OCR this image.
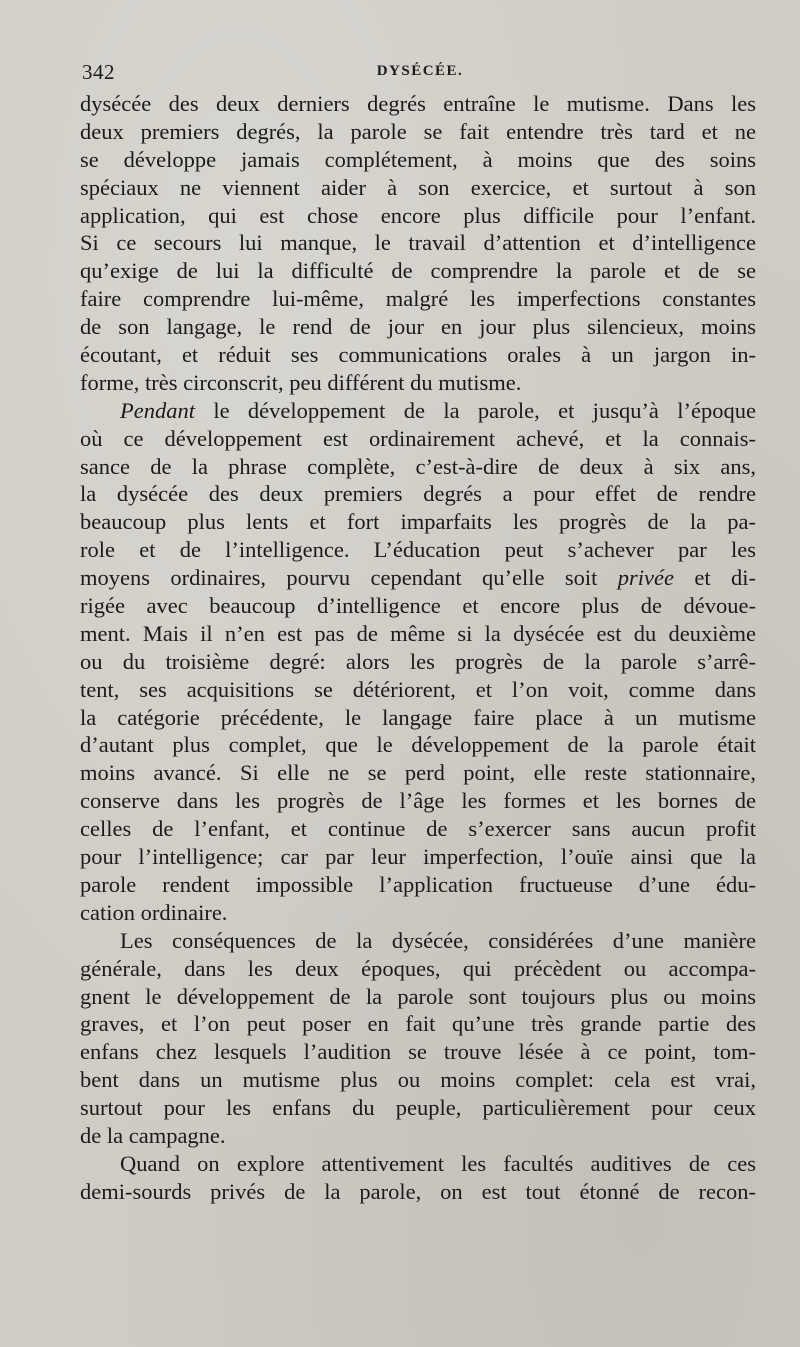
342	DYSÉCÉE.
dysécée des deux derniers degrés entraîne le mutisme. Dans les
deux premiers degrés, la parole se fait entendre très tard et ne
se développe jamais complétement, à moins que des soins
spéciaux ne viennent aider à son exercice, et surtout à son
application, qui est chose encore plus difficile pour l’enfant.
Si ce secours lui manque, le travail d’attention et d’intelligence
qu’exige de lui la difficulté de comprendre la parole et de se
faire comprendre lui-même, malgré les imperfections constantes
de son langage, le rend de jour en jour plus silencieux, moins
écoutant, et réduit ses communications orales à un jargon in-
forme, très circonscrit, peu différent du mutisme.
Pendant le développement de la parole, et jusqu’à l’époque
où ce développement est ordinairement achevé, et la connais-
sance de la phrase complète, c’est-à-dire de deux à six ans,
la dysécée des deux premiers degrés a pour effet de rendre
beaucoup plus lents et fort imparfaits les progrès de la pa-
role et de l’intelligence. L’éducation peut s’achever par les
moyens ordinaires, pourvu cependant qu’elle soit privée et di-
rigée avec beaucoup d’intelligence et encore plus de dévoue-
ment. Mais il n’en est pas de même si la dysécée est du deuxième
ou du troisième degré: alors les progrès de la parole s’arrê-
tent, ses acquisitions se détériorent, et l’on voit, comme dans
la catégorie précédente, le langage faire place à un mutisme
d’autant plus complet, que le développement de la parole était
moins avancé. Si elle ne se perd point, elle reste stationnaire,
conserve dans les progrès de l’âge les formes et les bornes de
celles de l’enfant, et continue de s’exercer sans aucun profit
pour l’intelligence; car par leur imperfection, l’ouïe ainsi que la
parole rendent impossible l’application fructueuse d’une édu-
cation ordinaire.
Les conséquences de la dysécée, considérées d’une manière
générale, dans les deux époques, qui précèdent ou accompa-
gnent le développement de la parole sont toujours plus ou moins
graves, et l’on peut poser en fait qu’une très grande partie des
enfans chez lesquels l’audition se trouve lésée à ce point, tom-
bent dans un mutisme plus ou moins complet: cela est vrai,
surtout pour les enfans du peuple, particulièrement pour ceux
de la campagne.
Quand on explore attentivement les facultés auditives de ces
demi-sourds privés de la parole, on est tout étonné de recon-
